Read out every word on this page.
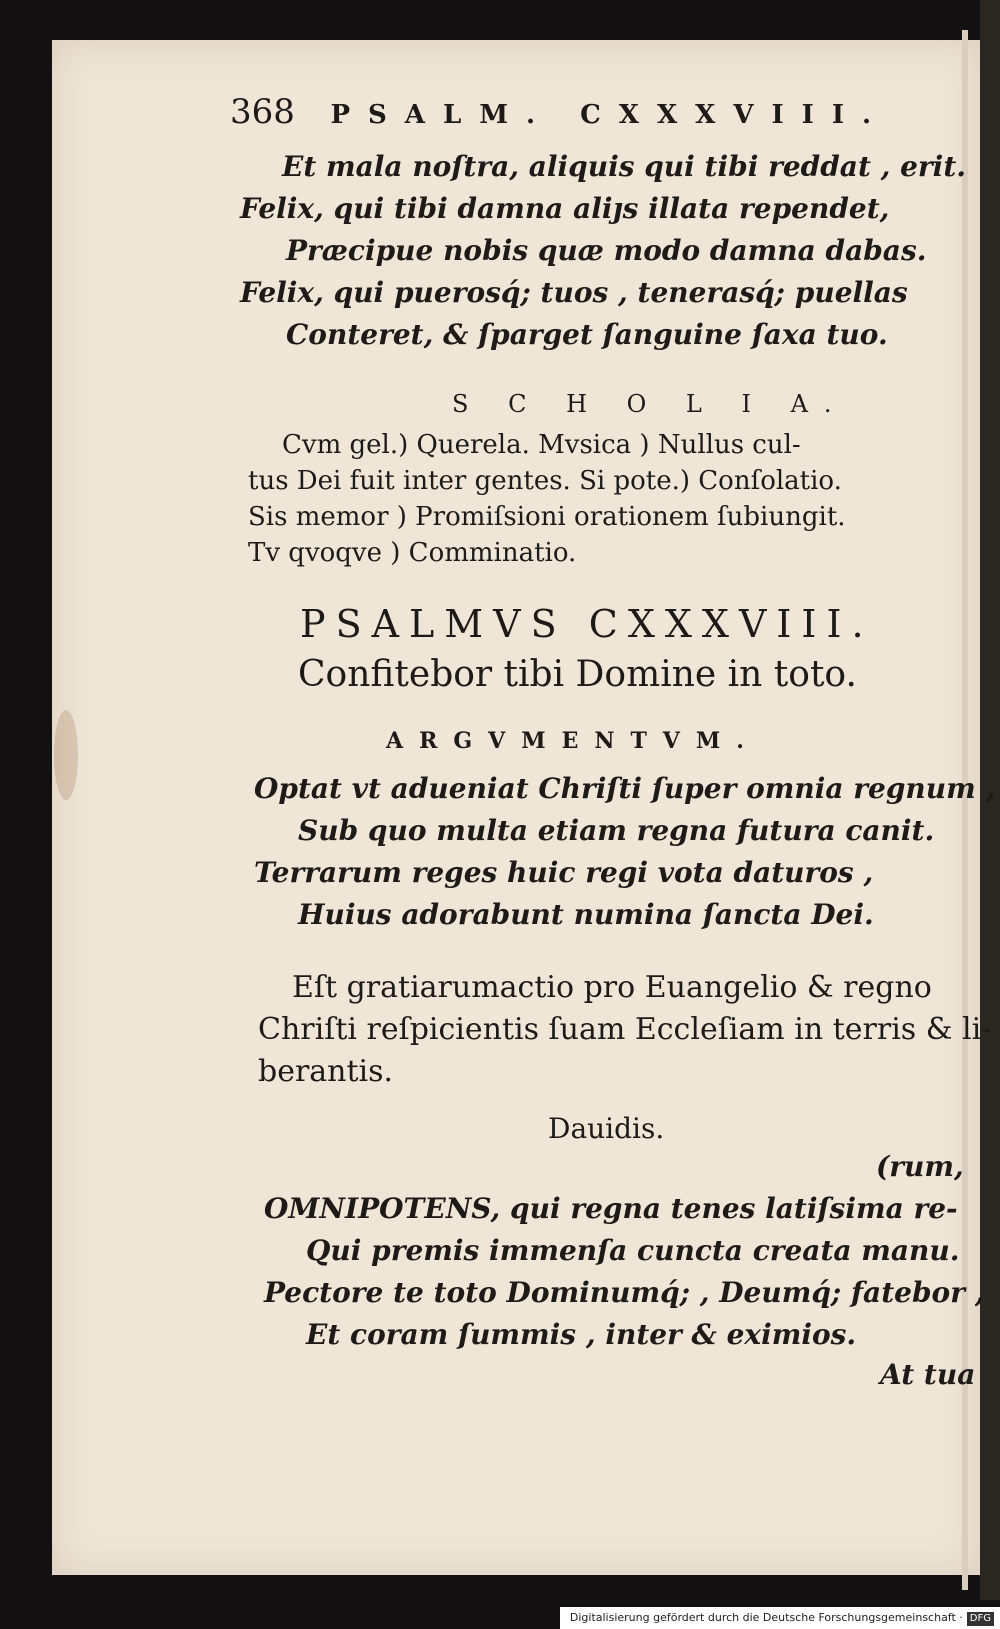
368 PSALM. CXXXVIII.
Et mala noſtra, aliquis qui tibi reddat , erit.
Felix, qui tibi damna aliȷs illata rependet,
Præcipue nobis quæ modo damna dabas.
Felix, qui puerosq́; tuos , tenerasq́; puellas
Conteret, & ſparget ſanguine ſaxa tuo.
S C H O L I A.
Cvm gel.) Querela. Mvsica ) Nullus cul-
tus Dei fuit inter gentes. Si pote.) Conſolatio.
Sis memor ) Promiſsioni orationem ſubiungit.
Tv qvoqve ) Comminatio.
PSALMVS CXXXVIII.
Confitebor tibi Domine in toto.
ARGVMENTVM.
Optat vt adueniat Chriſti ſuper omnia regnum ,
Sub quo multa etiam regna futura canit.
Terrarum reges huic regi vota daturos ,
Huius adorabunt numina ſancta Dei.
Eſt gratiarumactio pro Euangelio & regno
Chriſti reſpicientis ſuam Eccleſiam in terris & li-
berantis.
Dauidis.
(rum,
OMNIPOTENS, qui regna tenes latiſsima re-
Qui premis immenſa cuncta creata manu.
Pectore te toto Dominumq́; , Deumq́; fatebor ,
Et coram ſummis , inter & eximios.
At tua
Digitalisierung gefördert durch die Deutsche Forschungsgemeinschaft · DFG
